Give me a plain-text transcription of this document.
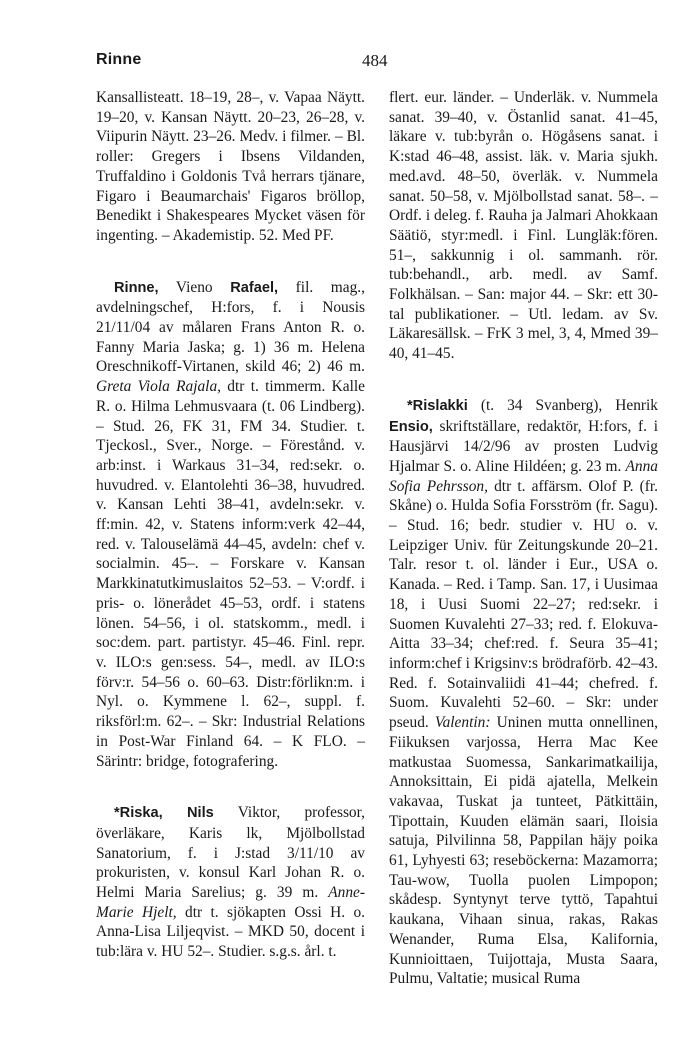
Rinne	484

Kansallisteatt. 18–19, 28–, v. Vapaa Näytt. 19–20, v. Kansan Näytt. 20–23, 26–28, v. Viipurin Näytt. 23–26. Medv. i filmer. – Bl. roller: Gregers i Ibsens Vildanden, Truffaldino i Goldonis Två herrars tjänare, Figaro i Beaumarchais' Figaros bröllop, Benedikt i Shakespeares Mycket väsen för ingenting. – Akademistip. 52. Med PF.

Rinne, Vieno Rafael, fil. mag., avdelningschef, H:fors, f. i Nousis 21/11/04 av målaren Frans Anton R. o. Fanny Maria Jaska; g. 1) 36 m. Helena Oreschnikoff-Virtanen, skild 46; 2) 46 m. Greta Viola Rajala, dtr t. timmerm. Kalle R. o. Hilma Lehmusvaara (t. 06 Lindberg). – Stud. 26, FK 31, FM 34. Studier. t. Tjeckosl., Sver., Norge. – Förestånd. v. arb:inst. i Warkaus 31–34, red:sekr. o. huvudred. v. Elantolehti 36–38, huvudred. v. Kansan Lehti 38–41, avdeln:sekr. v. ff:min. 42, v. Statens inform:verk 42–44, red. v. Talouselämä 44–45, avdeln: chef v. socialmin. 45–. – Forskare v. Kansan Markkinatutkimuslaitos 52–53. – V:ordf. i pris- o. lönerådet 45–53, ordf. i statens lönen. 54–56, i ol. statskomm., medl. i soc:dem. part. partistyr. 45–46. Finl. repr. v. ILO:s gen:sess. 54–, medl. av ILO:s förv:r. 54–56 o. 60–63. Distr:förlikn:m. i Nyl. o. Kymmene l. 62–, suppl. f. riksförl:m. 62–. – Skr: Industrial Relations in Post-War Finland 64. – K FLO. – Särintr: bridge, fotografering.

*Riska, Nils Viktor, professor, överläkare, Karis lk, Mjölbollstad Sanatorium, f. i J:stad 3/11/10 av prokuristen, v. konsul Karl Johan R. o. Helmi Maria Sarelius; g. 39 m. Anne-Marie Hjelt, dtr t. sjökapten Ossi H. o. Anna-Lisa Liljeqvist. – MKD 50, docent i tub:lära v. HU 52–. Studier. s.g.s. årl. t.

flert. eur. länder. – Underläk. v. Nummela sanat. 39–40, v. Östanlid sanat. 41–45, läkare v. tub:byrån o. Högåsens sanat. i K:stad 46–48, assist. läk. v. Maria sjukh. med.avd. 48–50, överläk. v. Nummela sanat. 50–58, v. Mjölbollstad sanat. 58–. – Ordf. i deleg. f. Rauha ja Jalmari Ahokkaan Säätiö, styr:medl. i Finl. Lungläk:fören. 51–, sakkunnig i ol. sammanh. rör. tub:behandl., arb. medl. av Samf. Folkhälsan. – San: major 44. – Skr: ett 30-tal publikationer. – Utl. ledam. av Sv. Läkaresällsk. – FrK 3 mel, 3, 4, Mmed 39–40, 41–45.

*Rislakki (t. 34 Svanberg), Henrik Ensio, skriftställare, redaktör, H:fors, f. i Hausjärvi 14/2/96 av prosten Ludvig Hjalmar S. o. Aline Hildéen; g. 23 m. Anna Sofia Pehrsson, dtr t. affärsm. Olof P. (fr. Skåne) o. Hulda Sofia Forsström (fr. Sagu). – Stud. 16; bedr. studier v. HU o. v. Leipziger Univ. für Zeitungskunde 20–21. Talr. resor t. ol. länder i Eur., USA o. Kanada. – Red. i Tamp. San. 17, i Uusimaa 18, i Uusi Suomi 22–27; red:sekr. i Suomen Kuvalehti 27–33; red. f. Elokuva-Aitta 33–34; chef:red. f. Seura 35–41; inform:chef i Krigsinv:s brödraförb. 42–43. Red. f. Sotainvaliidi 41–44; chefred. f. Suom. Kuvalehti 52–60. – Skr: under pseud. Valentin: Uninen mutta onnellinen, Fiikuksen varjossa, Herra Mac Kee matkustaa Suomessa, Sankarimatkailija, Annoksittain, Ei pidä ajatella, Melkein vakavaa, Tuskat ja tunteet, Pätkittäin, Tipottain, Kuuden elämän saari, Iloisia satuja, Pilvilinna 58, Pappilan häjy poika 61, Lyhyesti 63; reseböckerna: Mazamorra; Tau-wow, Tuolla puolen Limpopon; skådesp. Syntynyt terve tyttö, Tapahtui kaukana, Vihaan sinua, rakas, Rakas Wenander, Ruma Elsa, Kalifornia, Kunnioittaen, Tuijottaja, Musta Saara, Pulmu, Valtatie; musical Ruma
